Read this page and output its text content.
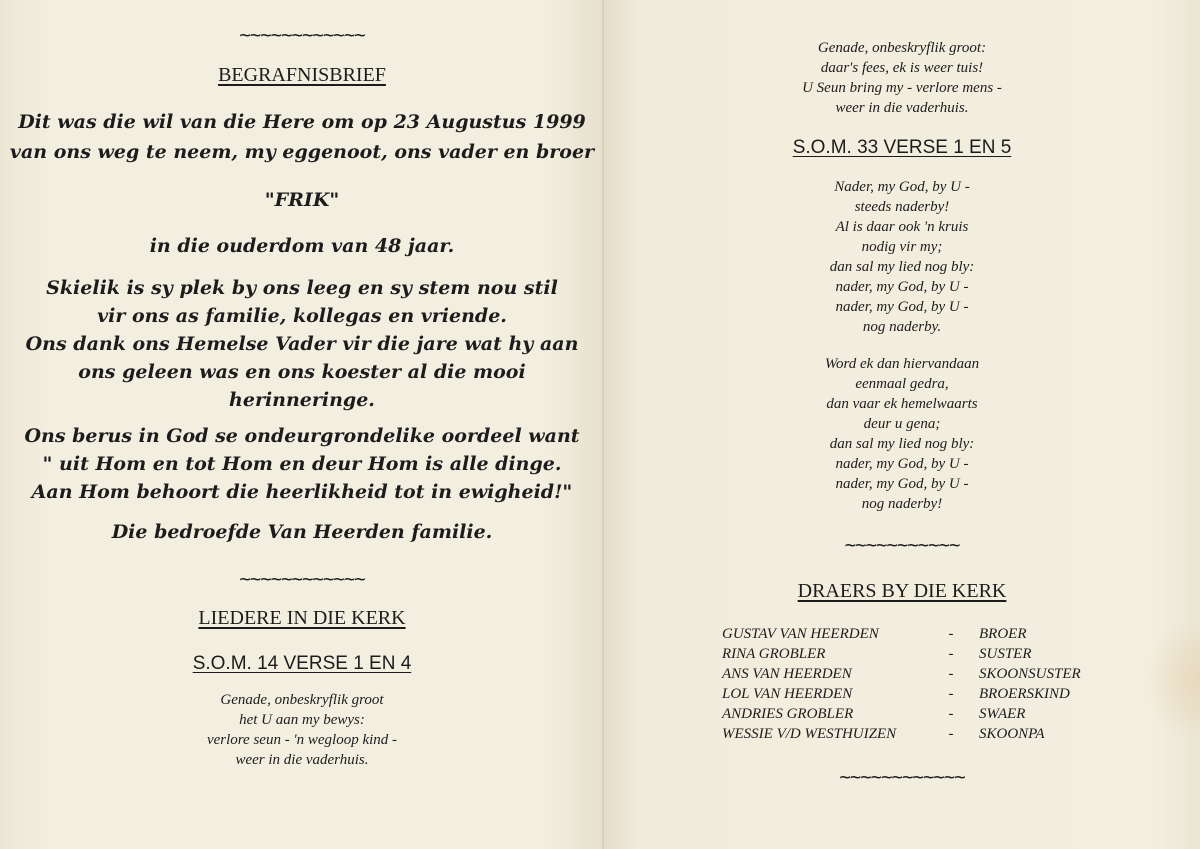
~~~~~~~~~~~~
BEGRAFNISBRIEF
Dit was die wil van die Here om op 23 Augustus 1999
van ons weg te neem, my eggenoot, ons vader en broer
"FRIK"
in die ouderdom van 48 jaar.
Skielik is sy plek by ons leeg en sy stem nou stil
vir ons as familie, kollegas en vriende.
Ons dank ons Hemelse Vader vir die jare wat hy aan
ons geleen was en ons koester al die mooi
herinneringe.
Ons berus in God se ondeurgrondelike oordeel want
" uit Hom en tot Hom en deur Hom is alle dinge.
Aan Hom behoort die heerlikheid tot in ewigheid!"
Die bedroefde Van Heerden familie.
~~~~~~~~~~~~
LIEDERE IN DIE KERK
S.O.M. 14 VERSE 1 EN 4
Genade, onbeskryflik groot
het U aan my bewys:
verlore seun - 'n wegloop kind -
weer in die vaderhuis.
Genade, onbeskryflik groot:
daar's fees, ek is weer tuis!
U Seun bring my - verlore mens -
weer in die vaderhuis.
S.O.M. 33 VERSE 1 EN 5
Nader, my God, by U -
steeds naderby!
Al is daar ook 'n kruis
nodig vir my;
dan sal my lied nog bly:
nader, my God, by U -
nader, my God, by U -
nog naderby.
Word ek dan hiervandaan
eenmaal gedra,
dan vaar ek hemelwaarts
deur u gena;
dan sal my lied nog bly:
nader, my God, by U -
nader, my God, by U -
nog naderby!
~~~~~~~~~~~
DRAERS BY DIE KERK
GUSTAV VAN HEERDEN	-	BROER
RINA GROBLER	-	SUSTER
ANS VAN HEERDEN	-	SKOONSUSTER
LOL VAN HEERDEN	-	BROERSKIND
ANDRIES GROBLER	-	SWAER
WESSIE V/D WESTHUIZEN	-	SKOONPA
~~~~~~~~~~~~
